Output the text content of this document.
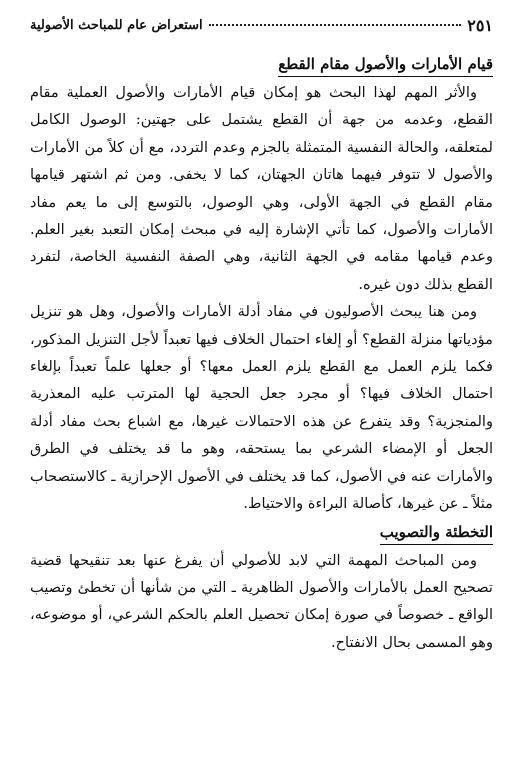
استعراض عام للمباحث الأصولية	٢٥١
قيام الأمارات والأصول مقام القطع

والأثر المهم لهذا البحث هو إمكان قيام الأمارات والأصول العملية مقام القطع، وعدمه من جهة أن القطع يشتمل على جهتين: الوصول الكامل لمتعلقه، والحالة النفسية المتمثلة بالجزم وعدم التردد، مع أن كلاً من الأمارات والأصول لا تتوفر فيهما هاتان الجهتان، كما لا يخفى. ومن ثم اشتهر قيامها مقام القطع في الجهة الأولى، وهي الوصول، بالتوسع إلى ما يعم مفاد الأمارات والأصول، كما تأتي الإشارة إليه في مبحث إمكان التعبد بغير العلم. وعدم قيامها مقامه في الجهة الثانية، وهي الصفة النفسية الخاصة، لتفرد القطع بذلك دون غيره.

ومن هنا يبحث الأصوليون في مفاد أدلة الأمارات والأصول، وهل هو تنزيل مؤدياتها منزلة القطع؟ أو إلغاء احتمال الخلاف فيها تعبداً لأجل التنزيل المذكور، فكما يلزم العمل مع القطع يلزم العمل معها؟ أو جعلها علماً تعبداً بإلغاء احتمال الخلاف فيها؟ أو مجرد جعل الحجية لها المترتب عليه المعذرية والمنجزية؟ وقد يتفرع عن هذه الاحتمالات غيرها، مع اشباع بحث مفاد أدلة الجعل أو الإمضاء الشرعي بما يستحقه، وهو ما قد يختلف في الطرق والأمارات عنه في الأصول، كما قد يختلف في الأصول الإحرازية ـ كالاستصحاب مثلاً ـ عن غيرها، كأصالة البراءة والاحتياط.

التخطئة والتصويب

ومن المباحث المهمة التي لابد للأصولي أن يفرغ عنها بعد تنقيحها قضية تصحيح العمل بالأمارات والأصول الظاهرية ـ التي من شأنها أن تخطئ وتصيب الواقع ـ خصوصاً في صورة إمكان تحصيل العلم بالحكم الشرعي، أو موضوعه، وهو المسمى بحال الانفتاح.
